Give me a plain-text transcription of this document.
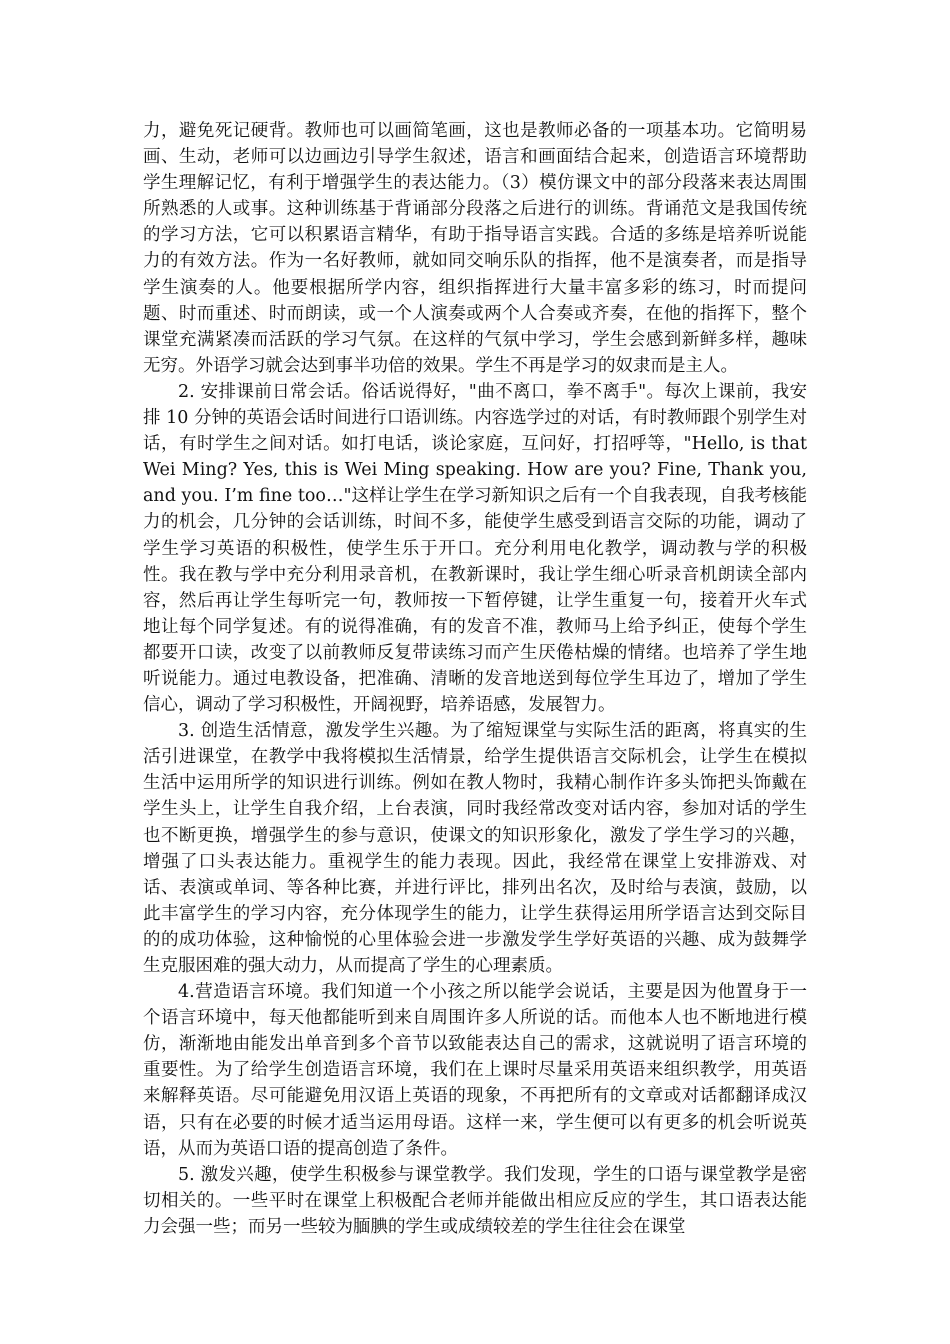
力，避免死记硬背。教师也可以画简笔画，这也是教师必备的一项基本功。它简明易画、生动，老师可以边画边引导学生叙述，语言和画面结合起来，创造语言环境帮助学生理解记忆，有利于增强学生的表达能力。（3）模仿课文中的部分段落来表达周围所熟悉的人或事。这种训练基于背诵部分段落之后进行的训练。背诵范文是我国传统的学习方法，它可以积累语言精华，有助于指导语言实践。合适的多练是培养听说能力的有效方法。作为一名好教师，就如同交响乐队的指挥，他不是演奏者，而是指导学生演奏的人。他要根据所学内容，组织指挥进行大量丰富多彩的练习，时而提问题、时而重述、时而朗读，或一个人演奏或两个人合奏或齐奏，在他的指挥下，整个课堂充满紧凑而活跃的学习气氛。在这样的气氛中学习，学生会感到新鲜多样，趣味无穷。外语学习就会达到事半功倍的效果。学生不再是学习的奴隶而是主人。

2. 安排课前日常会话。俗话说得好，"曲不离口，拳不离手"。每次上课前，我安排 10 分钟的英语会话时间进行口语训练。内容选学过的对话，有时教师跟个别学生对话，有时学生之间对话。如打电话，谈论家庭，互问好，打招呼等，"Hello, is that Wei Ming? Yes, this is Wei Ming speaking. How are you? Fine, Thank you, and you. I’m fine too…"这样让学生在学习新知识之后有一个自我表现，自我考核能力的机会，几分钟的会话训练，时间不多，能使学生感受到语言交际的功能，调动了学生学习英语的积极性，使学生乐于开口。充分利用电化教学，调动教与学的积极性。我在教与学中充分利用录音机，在教新课时，我让学生细心听录音机朗读全部内容，然后再让学生每听完一句，教师按一下暂停键，让学生重复一句，接着开火车式地让每个同学复述。有的说得准确，有的发音不准，教师马上给予纠正，使每个学生都要开口读，改变了以前教师反复带读练习而产生厌倦枯燥的情绪。也培养了学生地听说能力。通过电教设备，把准确、清晰的发音地送到每位学生耳边了，增加了学生信心，调动了学习积极性，开阔视野，培养语感，发展智力。

3. 创造生活情意，激发学生兴趣。为了缩短课堂与实际生活的距离，将真实的生活引进课堂，在教学中我将模拟生活情景，给学生提供语言交际机会，让学生在模拟生活中运用所学的知识进行训练。例如在教人物时，我精心制作许多头饰把头饰戴在学生头上，让学生自我介绍，上台表演，同时我经常改变对话内容，参加对话的学生也不断更换，增强学生的参与意识，使课文的知识形象化，激发了学生学习的兴趣，增强了口头表达能力。重视学生的能力表现。因此，我经常在课堂上安排游戏、对话、表演或单词、等各种比赛，并进行评比，排列出名次，及时给与表演，鼓励，以此丰富学生的学习内容，充分体现学生的能力，让学生获得运用所学语言达到交际目的的成功体验，这种愉悦的心里体验会进一步激发学生学好英语的兴趣、成为鼓舞学生克服困难的强大动力，从而提高了学生的心理素质。

4.营造语言环境。我们知道一个小孩之所以能学会说话，主要是因为他置身于一个语言环境中，每天他都能听到来自周围许多人所说的话。而他本人也不断地进行模仿，渐渐地由能发出单音到多个音节以致能表达自己的需求，这就说明了语言环境的重要性。为了给学生创造语言环境，我们在上课时尽量采用英语来组织教学，用英语来解释英语。尽可能避免用汉语上英语的现象，不再把所有的文章或对话都翻译成汉语，只有在必要的时候才适当运用母语。这样一来，学生便可以有更多的机会听说英语，从而为英语口语的提高创造了条件。

5. 激发兴趣，使学生积极参与课堂教学。我们发现，学生的口语与课堂教学是密切相关的。一些平时在课堂上积极配合老师并能做出相应反应的学生，其口语表达能力会强一些；而另一些较为腼腆的学生或成绩较差的学生往往会在课堂
